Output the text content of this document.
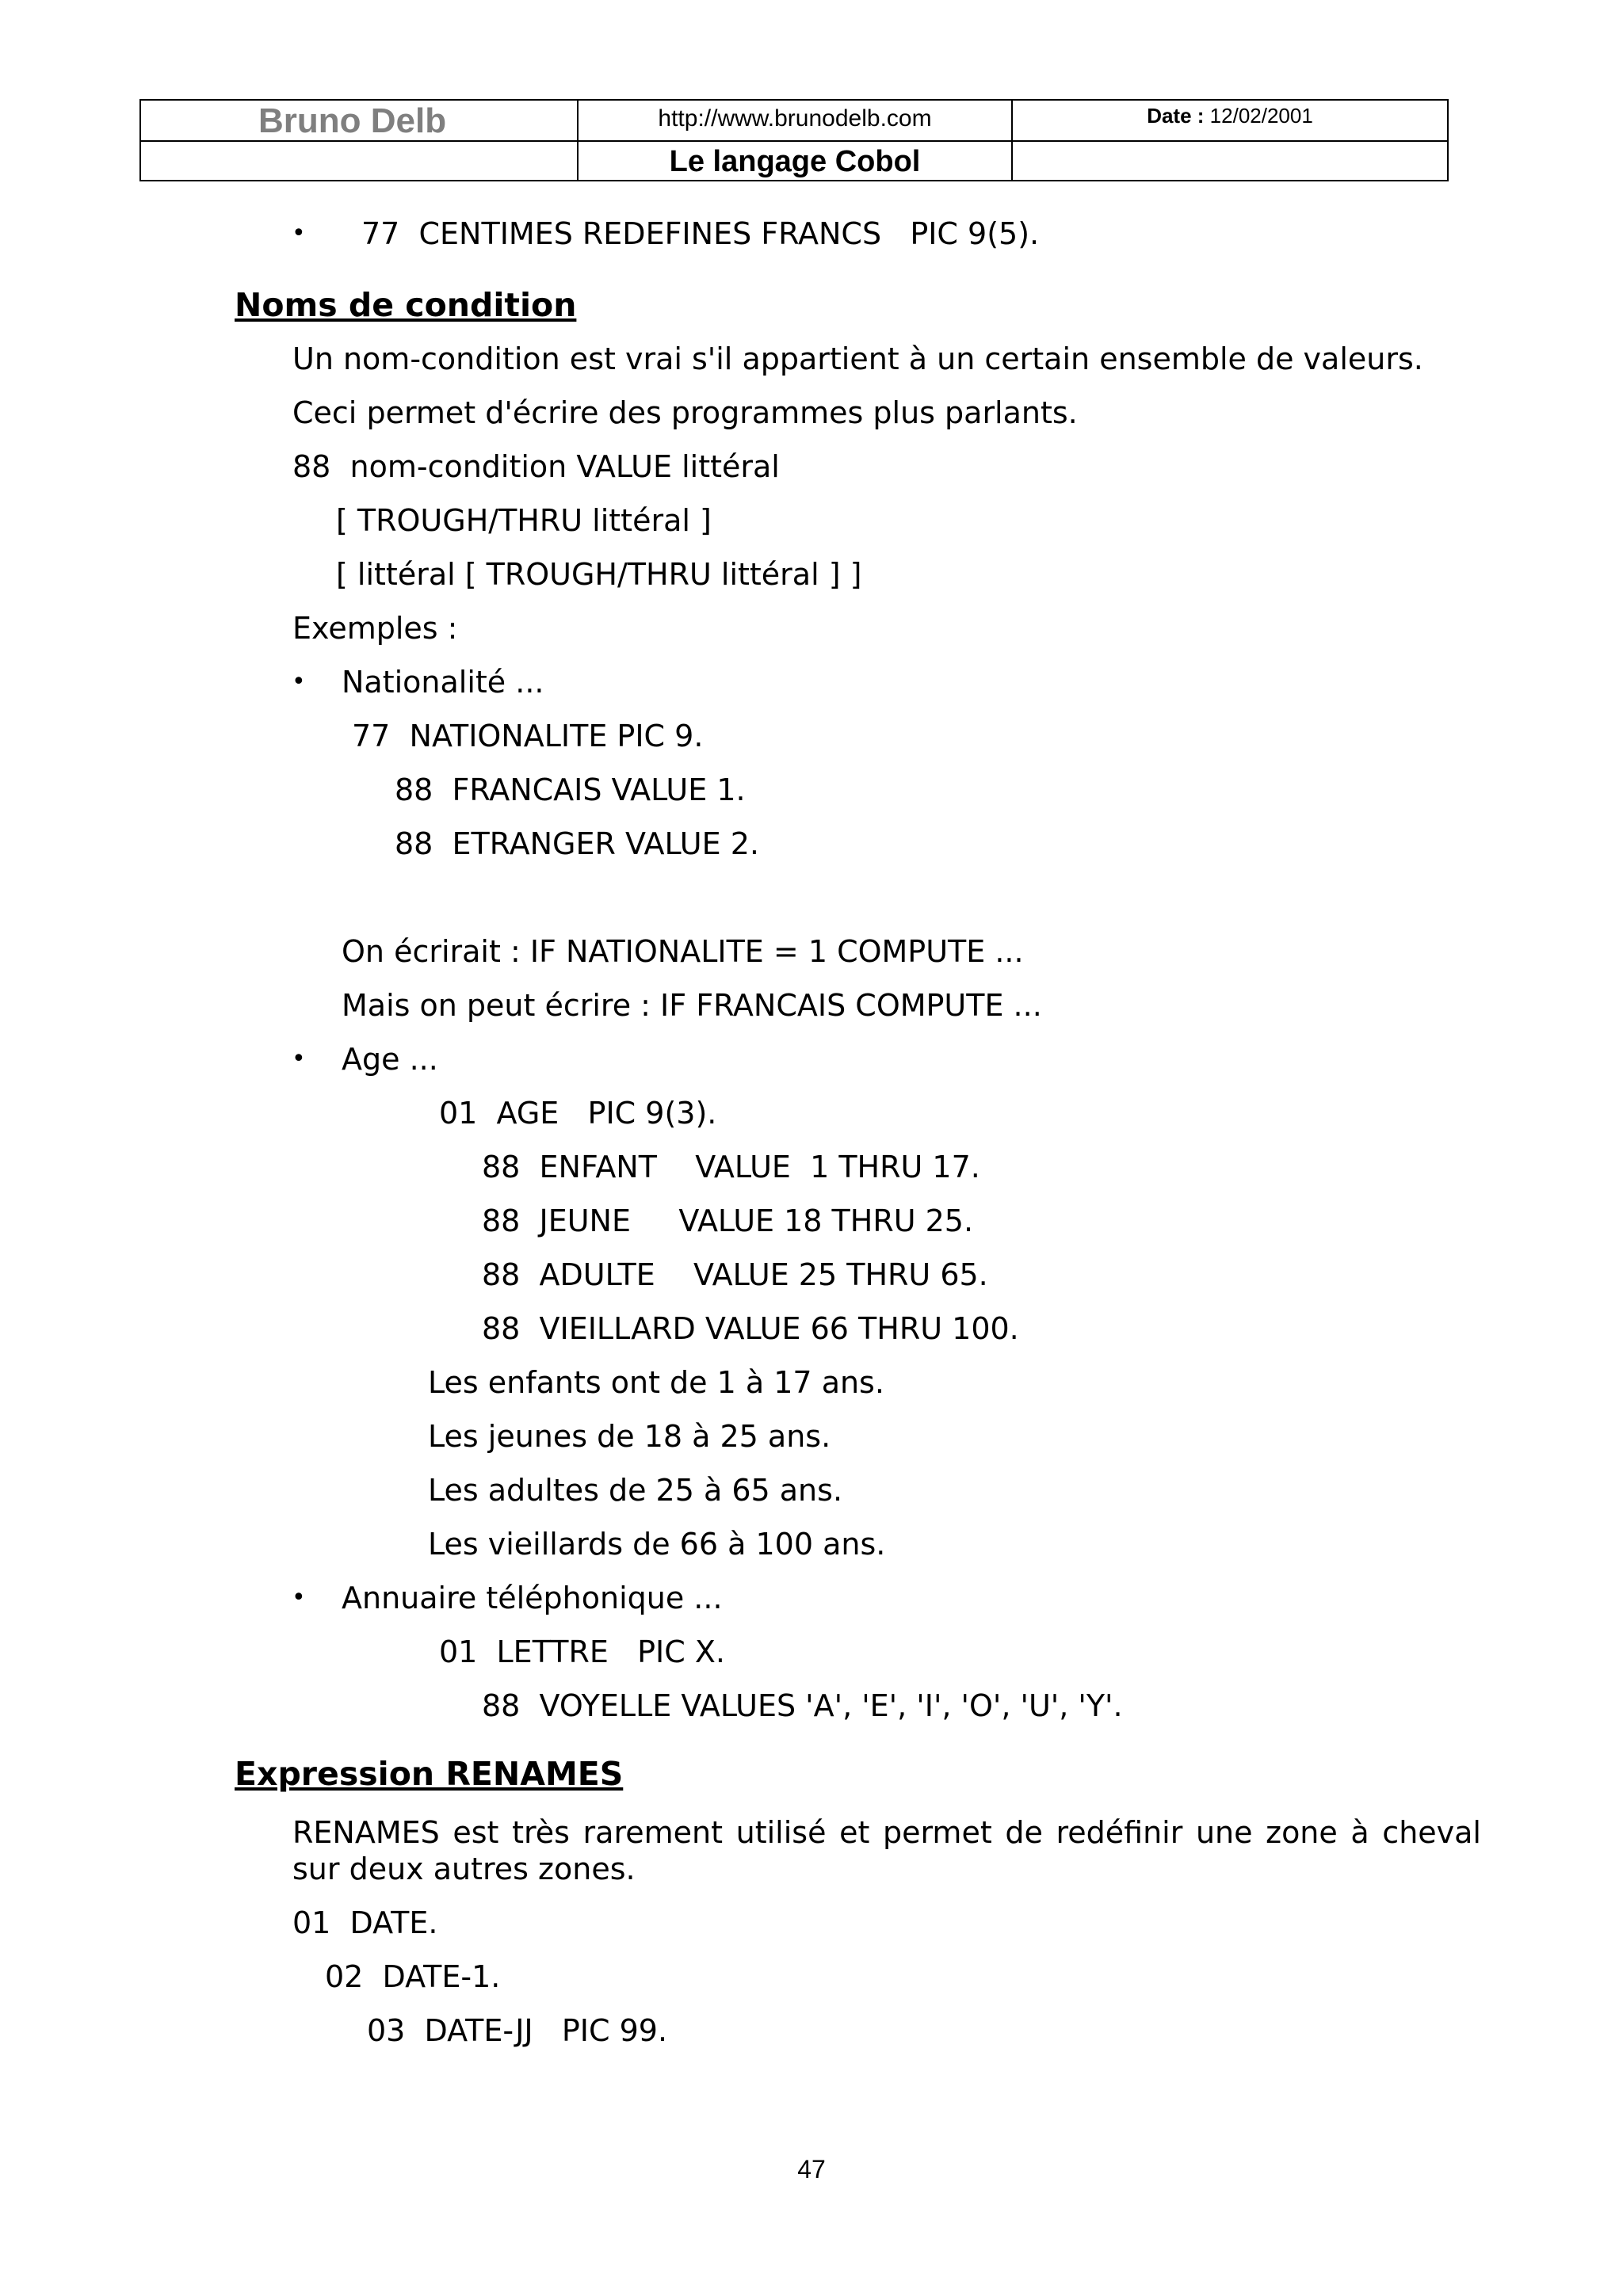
Bruno Delb	http://www.brunodelb.com	Date : 12/02/2001
Le langage Cobol
• 77  CENTIMES REDEFINES FRANCS   PIC 9(5).
Noms de condition
Un nom-condition est vrai s'il appartient à un certain ensemble de valeurs.
Ceci permet d'écrire des programmes plus parlants.
88  nom-condition VALUE littéral
[ TROUGH/THRU littéral ]
[ littéral [ TROUGH/THRU littéral ] ]
Exemples :
• Nationalité ...
77  NATIONALITE PIC 9.
88  FRANCAIS VALUE 1.
88  ETRANGER VALUE 2.
On écrirait : IF NATIONALITE = 1 COMPUTE ...
Mais on peut écrire : IF FRANCAIS COMPUTE ...
• Age ...
01  AGE   PIC 9(3).
88  ENFANT    VALUE  1 THRU 17.
88  JEUNE     VALUE 18 THRU 25.
88  ADULTE    VALUE 25 THRU 65.
88  VIEILLARD VALUE 66 THRU 100.
Les enfants ont de 1 à 17 ans.
Les jeunes de 18 à 25 ans.
Les adultes de 25 à 65 ans.
Les vieillards de 66 à 100 ans.
• Annuaire téléphonique ...
01  LETTRE   PIC X.
88  VOYELLE VALUES 'A', 'E', 'I', 'O', 'U', 'Y'.
Expression RENAMES
RENAMES est très rarement utilisé et permet de redéfinir une zone à cheval sur deux autres zones.
01  DATE.
02  DATE-1.
03  DATE-JJ   PIC 99.
47
